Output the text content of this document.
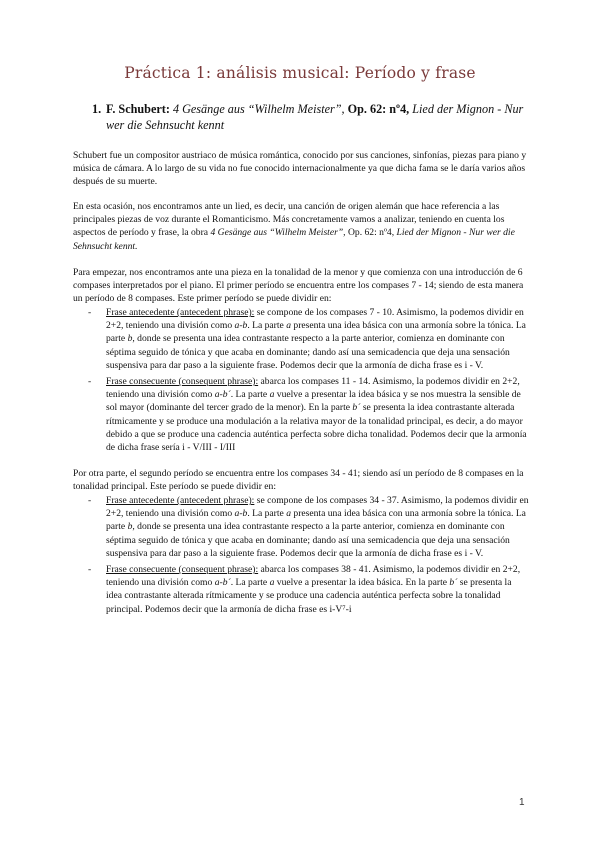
Práctica 1: análisis musical: Período y frase
1. F. Schubert: 4 Gesänge aus “Wilhelm Meister”, Op. 62: nº4, Lied der Mignon - Nur wer die Sehnsucht kennt
Schubert fue un compositor austriaco de música romántica, conocido por sus canciones, sinfonías, piezas para piano y música de cámara. A lo largo de su vida no fue conocido internacionalmente ya que dicha fama se le daría varios años después de su muerte.
En esta ocasión, nos encontramos ante un lied, es decir, una canción de origen alemán que hace referencia a las principales piezas de voz durante el Romanticismo. Más concretamente vamos a analizar, teniendo en cuenta los aspectos de período y frase, la obra 4 Gesänge aus “Wilhelm Meister”, Op. 62: nº4, Lied der Mignon - Nur wer die Sehnsucht kennt.
Para empezar, nos encontramos ante una pieza en la tonalidad de la menor y que comienza con una introducción de 6 compases interpretados por el piano. El primer período se encuentra entre los compases 7 - 14; siendo de esta manera un período de 8 compases. Este primer período se puede dividir en:
-	Frase antecedente (antecedent phrase): se compone de los compases 7 - 10. Asimismo, la podemos dividir en 2+2, teniendo una división como a-b. La parte a presenta una idea básica con una armonía sobre la tónica. La parte b, donde se presenta una idea contrastante respecto a la parte anterior, comienza en dominante con séptima seguido de tónica y que acaba en dominante; dando así una semicadencia que deja una sensación suspensiva para dar paso a la siguiente frase. Podemos decir que la armonía de dicha frase es i - V.
-	Frase consecuente (consequent phrase): abarca los compases 11 - 14. Asimismo, la podemos dividir en 2+2, teniendo una división como a-b´. La parte a vuelve a presentar la idea básica y se nos muestra la sensible de sol mayor (dominante del tercer grado de la menor). En la parte b´ se presenta la idea contrastante alterada rítmicamente y se produce una modulación a la relativa mayor de la tonalidad principal, es decir, a do mayor debido a que se produce una cadencia auténtica perfecta sobre dicha tonalidad. Podemos decir que la armonía de dicha frase sería i - V/III - I/III
Por otra parte, el segundo período se encuentra entre los compases 34 - 41; siendo así un período de 8 compases en la tonalidad principal. Este período se puede dividir en:
-	Frase antecedente (antecedent phrase): se compone de los compases 34 - 37. Asimismo, la podemos dividir en 2+2, teniendo una división como a-b. La parte a presenta una idea básica con una armonía sobre la tónica. La parte b, donde se presenta una idea contrastante respecto a la parte anterior, comienza en dominante con séptima seguido de tónica y que acaba en dominante; dando así una semicadencia que deja una sensación suspensiva para dar paso a la siguiente frase. Podemos decir que la armonía de dicha frase es i - V.
-	Frase consecuente (consequent phrase): abarca los compases 38 - 41. Asimismo, la podemos dividir en 2+2, teniendo una división como a-b´. La parte a vuelve a presentar la idea básica. En la parte b´ se presenta la idea contrastante alterada rítmicamente y se produce una cadencia auténtica perfecta sobre la tonalidad principal. Podemos decir que la armonía de dicha frase es i-V⁷-i
1
